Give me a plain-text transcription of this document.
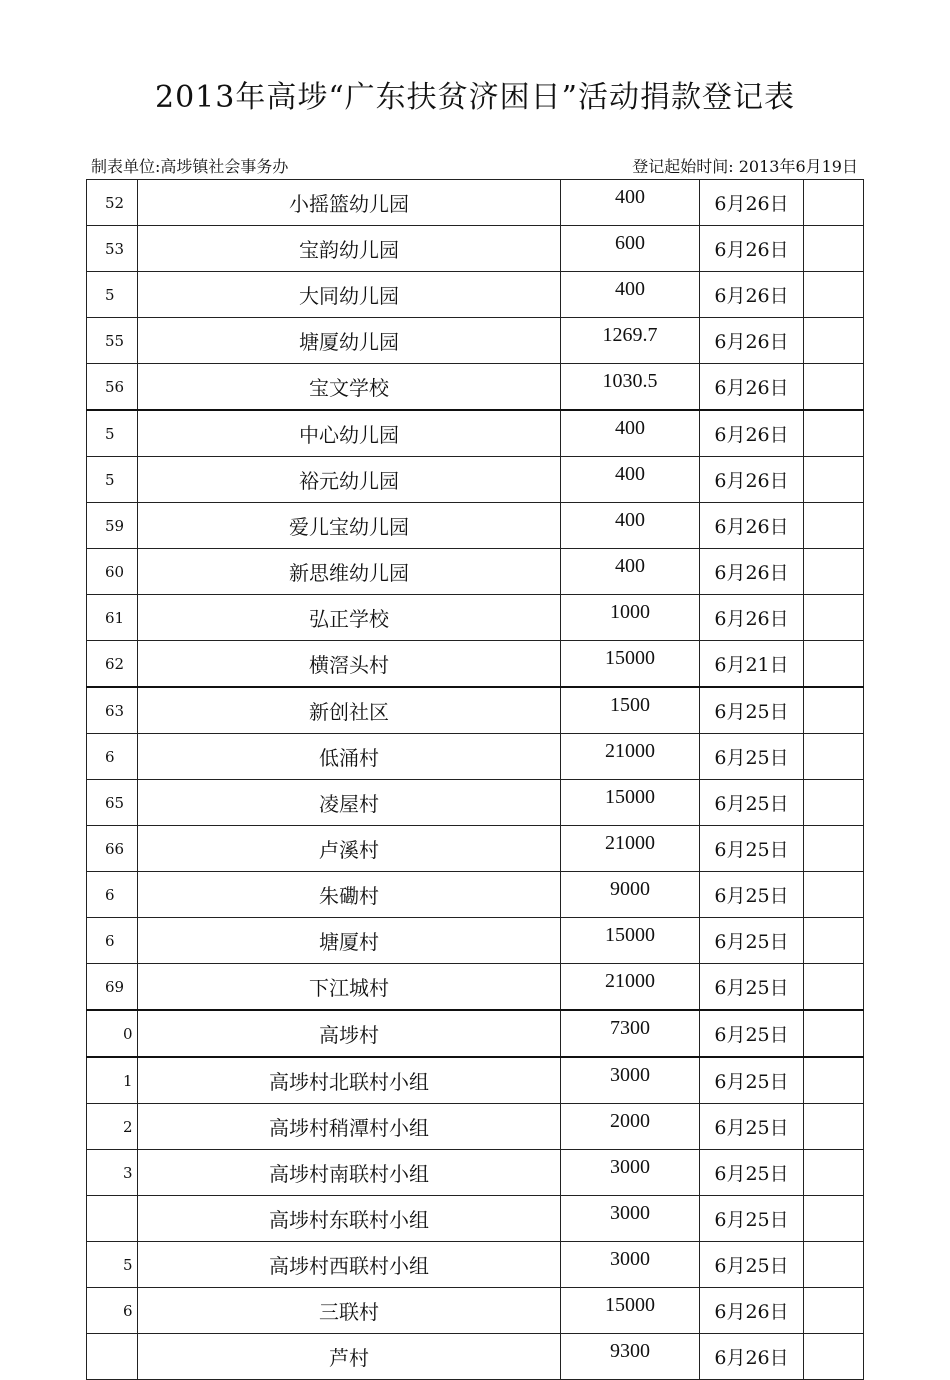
2013年高埗“广东扶贫济困日”活动捐款登记表
制表单位:高埗镇社会事务办	登记起始时间: 2013年6月19日
52	小摇篮幼儿园	400	6月26日	
53	宝韵幼儿园	600	6月26日	
5	大同幼儿园	400	6月26日	
55	塘厦幼儿园	1269.7	6月26日	
56	宝文学校	1030.5	6月26日	
5	中心幼儿园	400	6月26日	
5	裕元幼儿园	400	6月26日	
59	爱儿宝幼儿园	400	6月26日	
60	新思维幼儿园	400	6月26日	
61	弘正学校	1000	6月26日	
62	横滘头村	15000	6月21日	
63	新创社区	1500	6月25日	
6	低涌村	21000	6月25日	
65	凌屋村	15000	6月25日	
66	卢溪村	21000	6月25日	
6	朱磡村	9000	6月25日	
6	塘厦村	15000	6月25日	
69	下江城村	21000	6月25日	
0	高埗村	7300	6月25日	
1	高埗村北联村小组	3000	6月25日	
2	高埗村稍潭村小组	2000	6月25日	
3	高埗村南联村小组	3000	6月25日	
	高埗村东联村小组	3000	6月25日	
5	高埗村西联村小组	3000	6月25日	
6	三联村	15000	6月26日	
	芦村	9300	6月26日	
